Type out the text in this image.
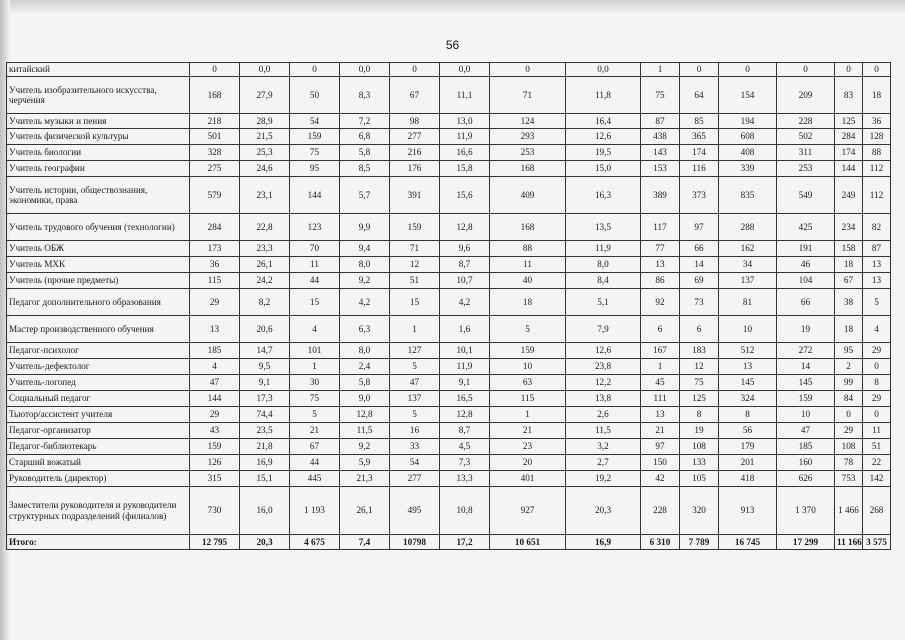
56
китайский	0	0,0	0	0,0	0	0,0	0	0,0	1	0	0	0	0	0
Учитель изобразительного искусства, черчения	168	27,9	50	8,3	67	11,1	71	11,8	75	64	154	209	83	18
Учитель музыки и пения	218	28,9	54	7,2	98	13,0	124	16,4	87	85	194	228	125	36
Учитель физической культуры	501	21,5	159	6,8	277	11,9	293	12,6	438	365	608	502	284	128
Учитель биологии	328	25,3	75	5,8	216	16,6	253	19,5	143	174	408	311	174	88
Учитель географии	275	24,6	95	8,5	176	15,8	168	15,0	153	116	339	253	144	112
Учитель истории, обществознания, экономики, права	579	23,1	144	5,7	391	15,6	409	16,3	389	373	835	549	249	112
Учитель трудового обучения (технологии)	284	22,8	123	9,9	159	12,8	168	13,5	117	97	288	425	234	82
Учитель ОБЖ	173	23,3	70	9,4	71	9,6	88	11,9	77	66	162	191	158	87
Учитель МХК	36	26,1	11	8,0	12	8,7	11	8,0	13	14	34	46	18	13
Учитель (прочие предметы)	115	24,2	44	9,2	51	10,7	40	8,4	86	69	137	104	67	13
Педагог дополнительного образования	29	8,2	15	4,2	15	4,2	18	5,1	92	73	81	66	38	5
Мастер производственного обучения	13	20,6	4	6,3	1	1,6	5	7,9	6	6	10	19	18	4
Педагог-психолог	185	14,7	101	8,0	127	10,1	159	12,6	167	183	512	272	95	29
Учитель-дефектолог	4	9,5	1	2,4	5	11,9	10	23,8	1	12	13	14	2	0
Учитель-логопед	47	9,1	30	5,8	47	9,1	63	12,2	45	75	145	145	99	8
Социальный педагог	144	17,3	75	9,0	137	16,5	115	13,8	111	125	324	159	84	29
Тьютор/ассистент учителя	29	74,4	5	12,8	5	12,8	1	2,6	13	8	8	10	0	0
Педагог-организатор	43	23,5	21	11,5	16	8,7	21	11,5	21	19	56	47	29	11
Педагог-библиотекарь	159	21,8	67	9,2	33	4,5	23	3,2	97	108	179	185	108	51
Старший вожатый	126	16,9	44	5,9	54	7,3	20	2,7	150	133	201	160	78	22
Руководитель (директор)	315	15,1	445	21,3	277	13,3	401	19,2	42	105	418	626	753	142
Заместители руководителя и руководители структурных подразделений (филиалов)	730	16,0	1 193	26,1	495	10,8	927	20,3	228	320	913	1 370	1 466	268
Итого:	12 795	20,3	4 675	7,4	10798	17,2	10 651	16,9	6 310	7 789	16 745	17 299	11 166	3 575
